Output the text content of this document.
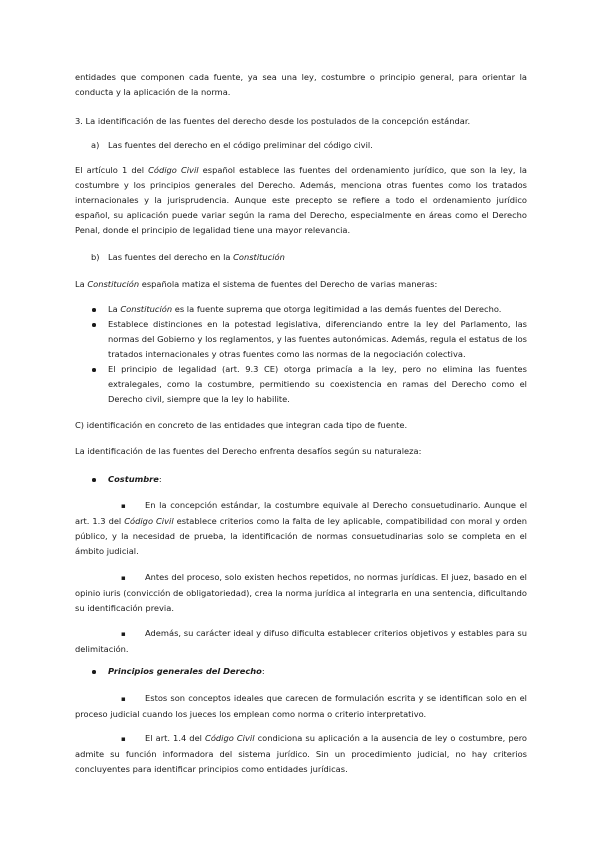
entidades que componen cada fuente, ya sea una ley, costumbre o principio general, para orientar la conducta y la aplicación de la norma.

3. La identificación de las fuentes del derecho desde los postulados de la concepción estándar.

a) Las fuentes del derecho en el código preliminar del código civil.

El artículo 1 del Código Civil español establece las fuentes del ordenamiento jurídico, que son la ley, la costumbre y los principios generales del Derecho. Además, menciona otras fuentes como los tratados internacionales y la jurisprudencia. Aunque este precepto se refiere a todo el ordenamiento jurídico español, su aplicación puede variar según la rama del Derecho, especialmente en áreas como el Derecho Penal, donde el principio de legalidad tiene una mayor relevancia.

b) Las fuentes del derecho en la Constitución

La Constitución española matiza el sistema de fuentes del Derecho de varias maneras:

La Constitución es la fuente suprema que otorga legitimidad a las demás fuentes del Derecho.
Establece distinciones en la potestad legislativa, diferenciando entre la ley del Parlamento, las normas del Gobierno y los reglamentos, y las fuentes autonómicas. Además, regula el estatus de los tratados internacionales y otras fuentes como las normas de la negociación colectiva.
El principio de legalidad (art. 9.3 CE) otorga primacía a la ley, pero no elimina las fuentes extralegales, como la costumbre, permitiendo su coexistencia en ramas del Derecho como el Derecho civil, siempre que la ley lo habilite.

C) identificación en concreto de las entidades que integran cada tipo de fuente.

La identificación de las fuentes del Derecho enfrenta desafíos según su naturaleza:

Costumbre:

▪En la concepción estándar, la costumbre equivale al Derecho consuetudinario. Aunque el art. 1.3 del Código Civil establece criterios como la falta de ley aplicable, compatibilidad con moral y orden público, y la necesidad de prueba, la identificación de normas consuetudinarias solo se completa en el ámbito judicial.

▪Antes del proceso, solo existen hechos repetidos, no normas jurídicas. El juez, basado en el opinio iuris (convicción de obligatoriedad), crea la norma jurídica al integrarla en una sentencia, dificultando su identificación previa.

▪Además, su carácter ideal y difuso dificulta establecer criterios objetivos y estables para su delimitación.

Principios generales del Derecho:

▪Estos son conceptos ideales que carecen de formulación escrita y se identifican solo en el proceso judicial cuando los jueces los emplean como norma o criterio interpretativo.

▪El art. 1.4 del Código Civil condiciona su aplicación a la ausencia de ley o costumbre, pero admite su función informadora del sistema jurídico. Sin un procedimiento judicial, no hay criterios concluyentes para identificar principios como entidades jurídicas.
